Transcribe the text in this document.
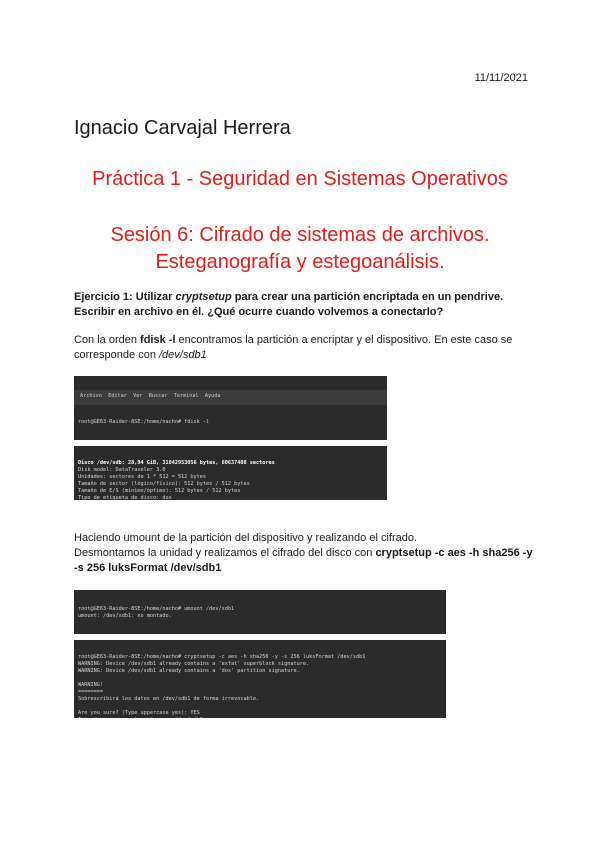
11/11/2021
Ignacio Carvajal Herrera
Práctica 1 - Seguridad en Sistemas Operativos
Sesión 6: Cifrado de sistemas de archivos.
Esteganografía y estegoanálisis.
Ejercicio 1: Utilizar cryptsetup para crear una partición encriptada en un pendrive.
Escribir en archivo en él. ¿Qué ocurre cuando volvemos a conectarlo?
Con la orden fdisk -l encontramos la partición a encriptar y el dispositivo. En este caso se corresponde con /dev/sdb1

Archivo  Editar  Ver  Buscar  Terminal  Ayuda

root@GE63-Raider-8SE:/home/nacho# fdisk -l

Disco /dev/sdb: 28,94 GiB, 31042953056 bytes, 60637408 sectores
Disk model: DataTraveler 3.0
Unidades: sectores de 1 * 512 = 512 bytes
Tamaño de sector (lógico/físico): 512 bytes / 512 bytes
Tamaño de E/S (mínimo/óptimo): 512 bytes / 512 bytes
Tipo de etiqueta de disco: dos

Haciendo umount de la partición del dispositivo y realizando el cifrado.
Desmontamos la unidad y realizamos el cifrado del disco con cryptsetup -c aes -h sha256 -y -s 256 luksFormat /dev/sdb1

root@GE63-Raider-8SE:/home/nacho# umount /dev/sdb1
umount: /dev/sdb1: no montado.

root@GE63-Raider-8SE:/home/nacho# cryptsetup -c aes -h sha256 -y -s 256 luksFormat /dev/sdb1
WARNING: Device /dev/sdb1 already contains a 'exfat' superblock signature.
WARNING: Device /dev/sdb1 already contains a 'dos' partition signature.
WARNING!
========
Sobrescribirá los datos en /dev/sdb1 de forma irrevocable.
Are you sure? (Type uppercase yes): YES
